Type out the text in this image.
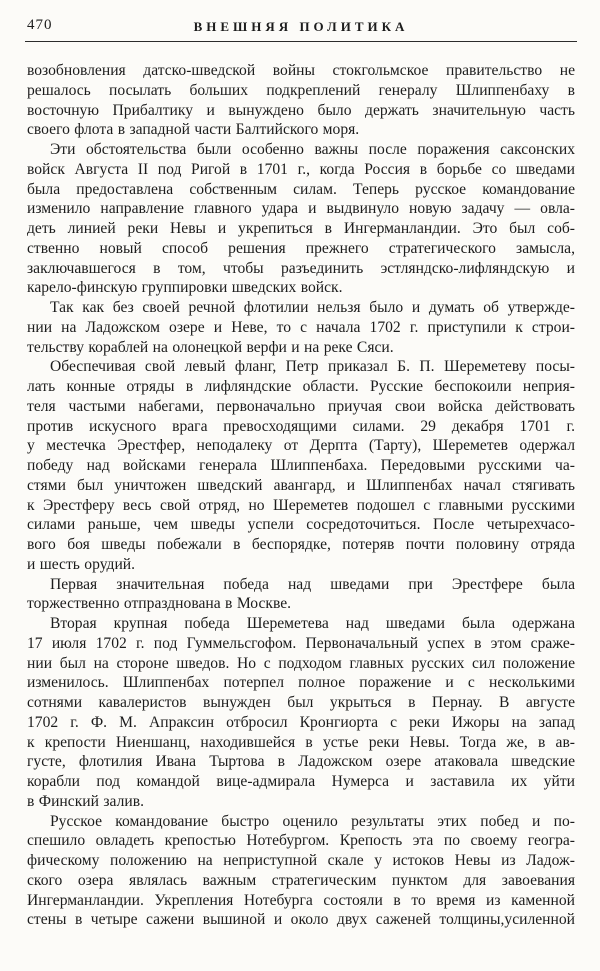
470	ВНЕШНЯЯ ПОЛИТИКА
возобновления датско-шведской войны стокгольмское правительство не
решалось посылать больших подкреплений генералу Шлиппенбаху в
восточную Прибалтику и вынуждено было держать значительную часть
своего флота в западной части Балтийского моря.
Эти обстоятельства были особенно важны после поражения саксонских
войск Августа II под Ригой в 1701 г., когда Россия в борьбе со шведами
была предоставлена собственным силам. Теперь русское командование
изменило направление главного удара и выдвинуло новую задачу — овла-
деть линией реки Невы и укрепиться в Ингерманландии. Это был соб-
ственно новый способ решения прежнего стратегического замысла,
заключавшегося в том, чтобы разъединить эстляндско-лифляндскую и
карело-финскую группировки шведских войск.
Так как без своей речной флотилии нельзя было и думать об утвержде-
нии на Ладожском озере и Неве, то с начала 1702 г. приступили к строи-
тельству кораблей на олонецкой верфи и на реке Сяси.
Обеспечивая свой левый фланг, Петр приказал Б. П. Шереметеву посы-
лать конные отряды в лифляндские области. Русские беспокоили неприя-
теля частыми набегами, первоначально приучая свои войска действовать
против искусного врага превосходящими силами. 29 декабря 1701 г.
у местечка Эрестфер, неподалеку от Дерпта (Тарту), Шереметев одержал
победу над войсками генерала Шлиппенбаха. Передовыми русскими ча-
стями был уничтожен шведский авангард, и Шлиппенбах начал стягивать
к Эрестферу весь свой отряд, но Шереметев подошел с главными русскими
силами раньше, чем шведы успели сосредоточиться. После четырехчасо-
вого боя шведы побежали в беспорядке, потеряв почти половину отряда
и шесть орудий.
Первая значительная победа над шведами при Эрестфере была
торжественно отпразднована в Москве.
Вторая крупная победа Шереметева над шведами была одержана
17 июля 1702 г. под Гуммельсгофом. Первоначальный успех в этом сраже-
нии был на стороне шведов. Но с подходом главных русских сил положение
изменилось. Шлиппенбах потерпел полное поражение и с несколькими
сотнями кавалеристов вынужден был укрыться в Пернау. В августе
1702 г. Ф. М. Апраксин отбросил Кронгиорта с реки Ижоры на запад
к крепости Ниеншанц, находившейся в устье реки Невы. Тогда же, в ав-
густе, флотилия Ивана Тыртова в Ладожском озере атаковала шведские
корабли под командой вице-адмирала Нумерса и заставила их уйти
в Финский залив.
Русское командование быстро оценило результаты этих побед и по-
спешило овладеть крепостью Нотебургом. Крепость эта по своему геогра-
фическому положению на неприступной скале у истоков Невы из Ладож-
ского озера являлась важным стратегическим пунктом для завоевания
Ингерманландии. Укрепления Нотебурга состояли в то время из каменной
стены в четыре сажени вышиной и около двух саженей толщины,усиленной
